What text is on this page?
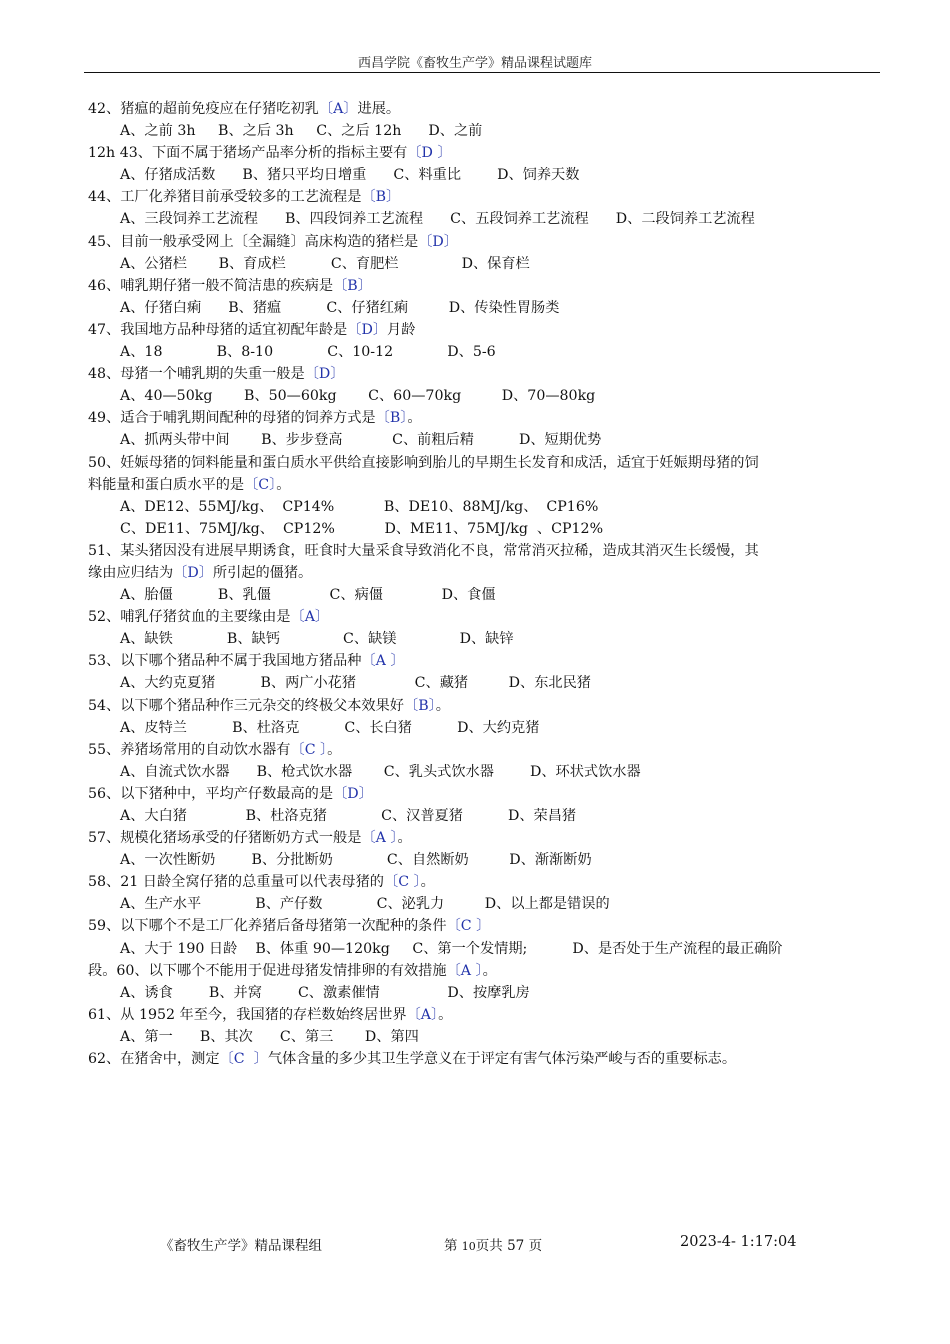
西昌学院《畜牧生产学》精品课程试题库
42、猪瘟的超前免疫应在仔猪吃初乳〔A〕进展。
A、之前 3h     B、之后 3h     C、之后 12h      D、之前
12h 43、下面不属于猪场产品率分析的指标主要有〔D 〕
A、仔猪成活数      B、猪只平均日增重      C、料重比        D、饲养天数
44、工厂化养猪目前承受较多的工艺流程是〔B〕
A、三段饲养工艺流程      B、四段饲养工艺流程      C、五段饲养工艺流程      D、二段饲养工艺流程
45、目前一般承受网上〔全漏缝〕高床构造的猪栏是〔D〕
A、公猪栏       B、育成栏          C、育肥栏              D、保育栏
46、哺乳期仔猪一般不简洁患的疾病是〔B〕
A、仔猪白痢      B、猪瘟          C、仔猪红痢         D、传染性胃肠类
47、我国地方品种母猪的适宜初配年龄是〔D〕月龄
A、18            B、8-10            C、10-12            D、5-6
48、母猪一个哺乳期的失重一般是〔D〕
A、40—50kg       B、50—60kg       C、60—70kg         D、70—80kg
49、适合于哺乳期间配种的母猪的饲养方式是〔B〕。
A、抓两头带中间       B、步步登高           C、前粗后精          D、短期优势
50、妊娠母猪的饲料能量和蛋白质水平供给直接影响到胎儿的早期生长发育和成活，适宜于妊娠期母猪的饲
料能量和蛋白质水平的是〔C〕。
A、DE12、55MJ/kg、  CP14%           B、DE10、88MJ/kg、  CP16%
C、DE11、75MJ/kg、  CP12%           D、ME11、75MJ/kg  、CP12%
51、某头猪因没有进展早期诱食，旺食时大量采食导致消化不良，常常消灭拉稀，造成其消灭生长缓慢，其
缘由应归结为〔D〕所引起的僵猪。
A、胎僵          B、乳僵             C、病僵             D、食僵
52、哺乳仔猪贫血的主要缘由是〔A〕
A、缺铁            B、缺钙              C、缺镁              D、缺锌
53、以下哪个猪品种不属于我国地方猪品种〔A 〕
A、大约克夏猪          B、两广小花猪             C、藏猪         D、东北民猪
54、以下哪个猪品种作三元杂交的终极父本效果好〔B〕。
A、皮特兰          B、杜洛克          C、长白猪          D、大约克猪
55、养猪场常用的自动饮水器有〔C 〕。
A、自流式饮水器      B、枪式饮水器       C、乳头式饮水器        D、环状式饮水器
56、以下猪种中，平均产仔数最高的是〔D〕
A、大白猪             B、杜洛克猪            C、汉普夏猪          D、荣昌猪
57、规模化猪场承受的仔猪断奶方式一般是〔A 〕。
A、一次性断奶        B、分批断奶            C、自然断奶         D、渐渐断奶
58、21 日龄全窝仔猪的总重量可以代表母猪的〔C 〕。
A、生产水平            B、产仔数            C、泌乳力         D、以上都是错误的
59、以下哪个不是工厂化养猪后备母猪第一次配种的条件〔C 〕
A、大于 190 日龄    B、体重 90—120kg     C、第一个发情期;          D、是否处于生产流程的最正确阶
段。60、以下哪个不能用于促进母猪发情排卵的有效措施〔A 〕。
A、诱食        B、并窝        C、激素催情               D、按摩乳房
61、从 1952 年至今，我国猪的存栏数始终居世界〔A〕。
A、第一      B、其次      C、第三       D、第四
62、在猪舍中，测定〔C  〕气体含量的多少其卫生学意义在于评定有害气体污染严峻与否的重要标志。
《畜牧生产学》精品课程组	第 10页共 57 页	2023-4- 1:17:04
